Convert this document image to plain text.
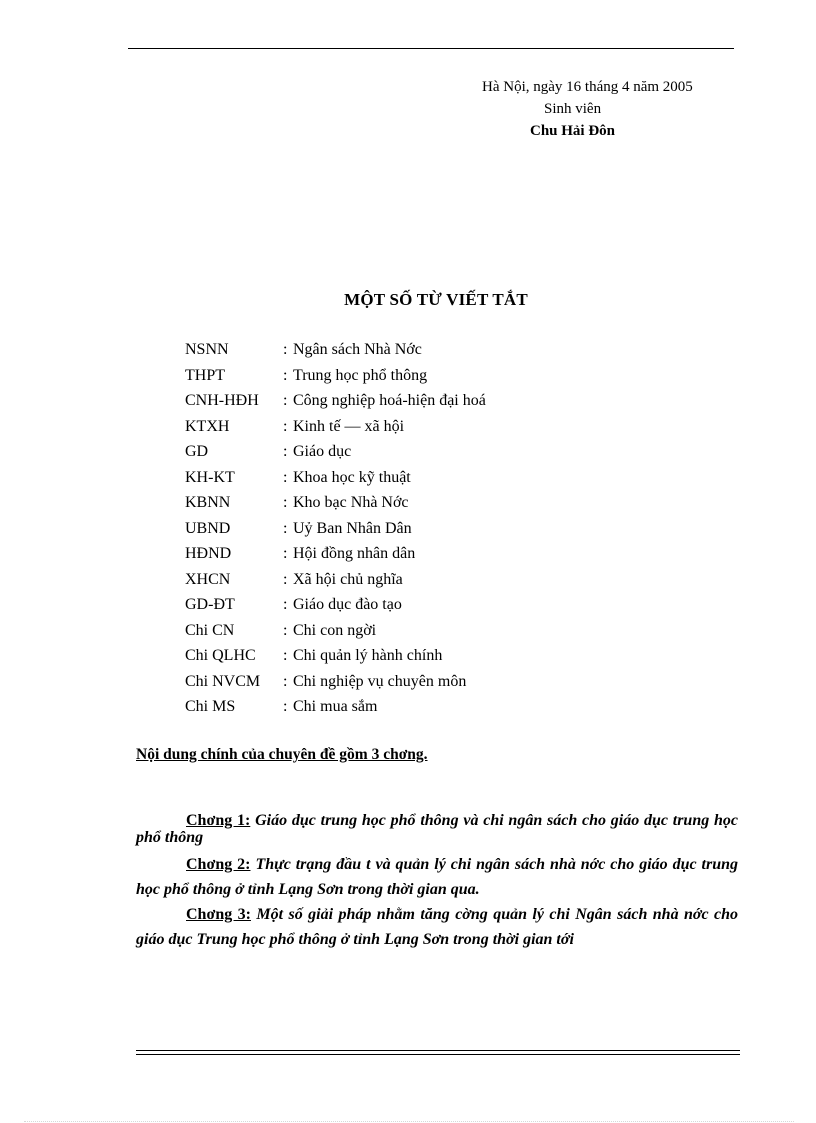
Hà Nội, ngày 16 tháng 4 năm 2005
Sinh viên
Chu Hải Đôn
MỘT SỐ TỪ VIẾT TẮT
NSNN	: Ngân sách Nhà Nớc
THPT	: Trung học phổ thông
CNH-HĐH : Công nghiệp hoá-hiện đại hoá
KTXH	: Kinh tế — xã hội
GD	: Giáo dục
KH-KT	: Khoa học kỹ thuật
KBNN	: Kho bạc Nhà Nớc
UBND	: Uỷ Ban Nhân Dân
HĐND	: Hội đồng nhân dân
XHCN	: Xã hội chủ nghĩa
GD-ĐT	: Giáo dục đào tạo
Chi CN	: Chi con ngời
Chi QLHC : Chi quản lý hành chính
Chi NVCM : Chi nghiệp vụ chuyên môn
Chi MS	: Chi mua sắm
Nội dung chính của chuyên đề gồm 3 chơng.

Chơng 1: Giáo dục trung học phổ thông và chi ngân sách cho giáo dục trung học phổ thông

Chơng 2: Thực trạng đầu t và quản lý chi ngân sách nhà nớc cho giáo dục trung học phổ thông ở tỉnh Lạng Sơn trong thời gian qua.

Chơng 3: Một số giải pháp nhằm tăng cờng quản lý chi Ngân sách nhà nớc cho giáo dục Trung học phổ thông ở tỉnh Lạng Sơn trong thời gian tới
